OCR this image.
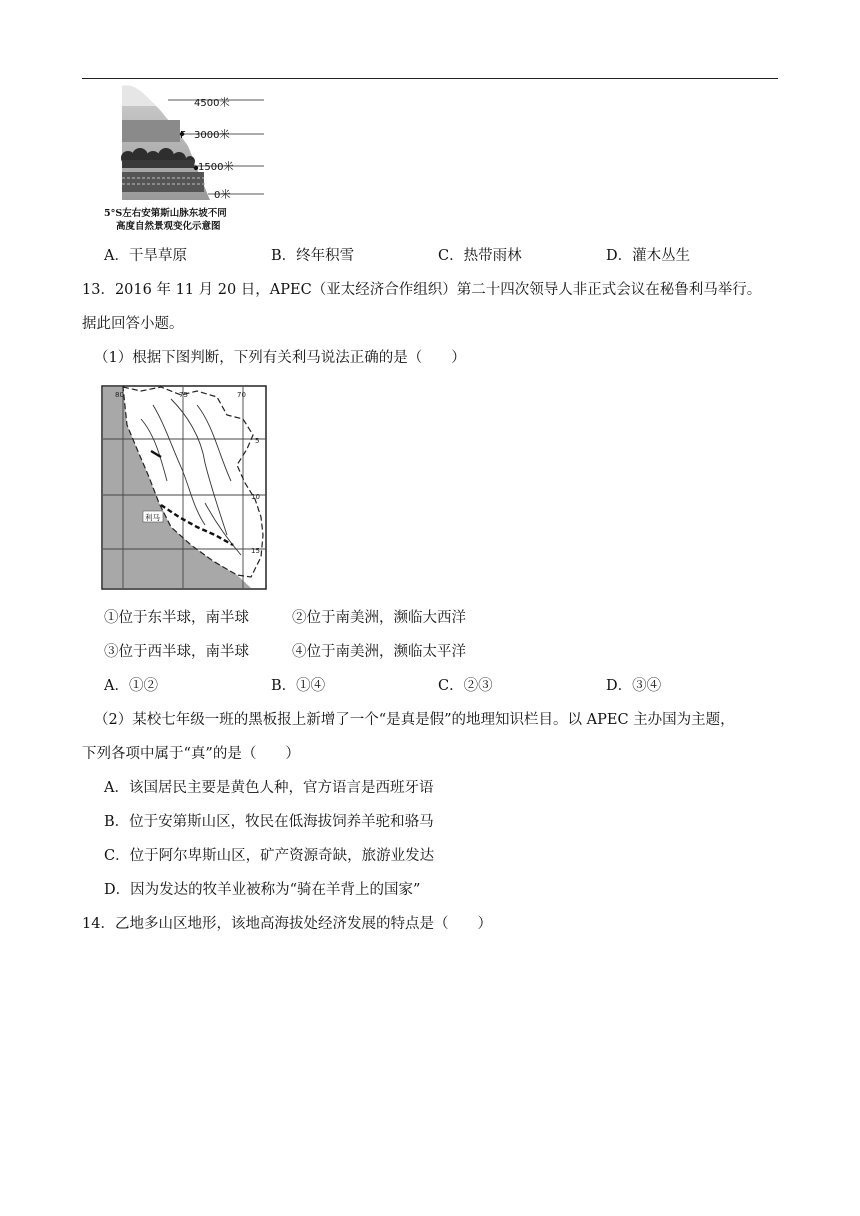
4500米
F 3000米
1500米
0米
5°S左右安第斯山脉东坡不同
高度自然景观变化示意图
A．干旱草原	B．终年积雪	C．热带雨林	D．灌木丛生
13．2016 年 11 月 20 日，APEC（亚太经济合作组织）第二十四次领导人非正式会议在秘鲁利马举行。
据此回答小题。
（1）根据下图判断，下列有关利马说法正确的是（　　）
利马
80	75	70
5
10
15
①位于东半球，南半球	②位于南美洲，濒临大西洋
③位于西半球，南半球	④位于南美洲，濒临太平洋
A．①②	B．①④	C．②③	D．③④
（2）某校七年级一班的黑板报上新增了一个“是真是假”的地理知识栏目。以 APEC 主办国为主题，
下列各项中属于“真”的是（　　）
A．该国居民主要是黄色人种，官方语言是西班牙语
B．位于安第斯山区，牧民在低海拔饲养羊驼和骆马
C．位于阿尔卑斯山区，矿产资源奇缺，旅游业发达
D．因为发达的牧羊业被称为“骑在羊背上的国家”
14．乙地多山区地形，该地高海拔处经济发展的特点是（　　）
